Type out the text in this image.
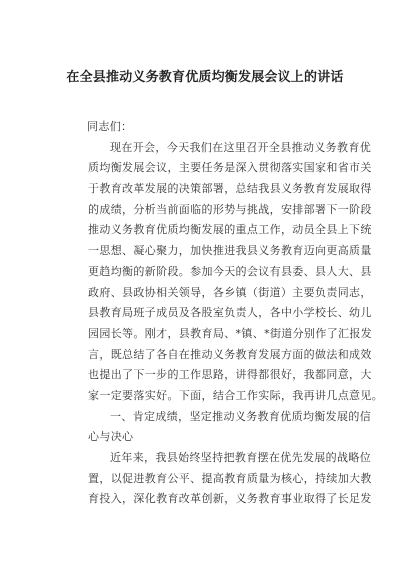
在全县推动义务教育优质均衡发展会议上的讲话
同志们：
现在开会，今天我们在这里召开全县推动义务教育优
质均衡发展会议，主要任务是深入贯彻落实国家和省市关
于教育改革发展的决策部署，总结我县义务教育发展取得
的成绩，分析当前面临的形势与挑战，安排部署下一阶段
推动义务教育优质均衡发展的重点工作，动员全县上下统
一思想、凝心聚力，加快推进我县义务教育迈向更高质量
更趋均衡的新阶段。参加今天的会议有县委、县人大、县
政府、县政协相关领导，各乡镇（街道）主要负责同志，
县教育局班子成员及各股室负责人，各中小学校长、幼儿
园园长等。刚才，县教育局、*镇、*街道分别作了汇报发
言，既总结了各自在推动义务教育发展方面的做法和成效
也提出了下一步的工作思路，讲得都很好，我都同意，大
家一定要落实好。下面，结合工作实际，我再讲几点意见。
一、肯定成绩，坚定推动义务教育优质均衡发展的信
心与决心
近年来，我县始终坚持把教育摆在优先发展的战略位
置，以促进教育公平、提高教育质量为核心，持续加大教
育投入，深化教育改革创新，义务教育事业取得了长足发
